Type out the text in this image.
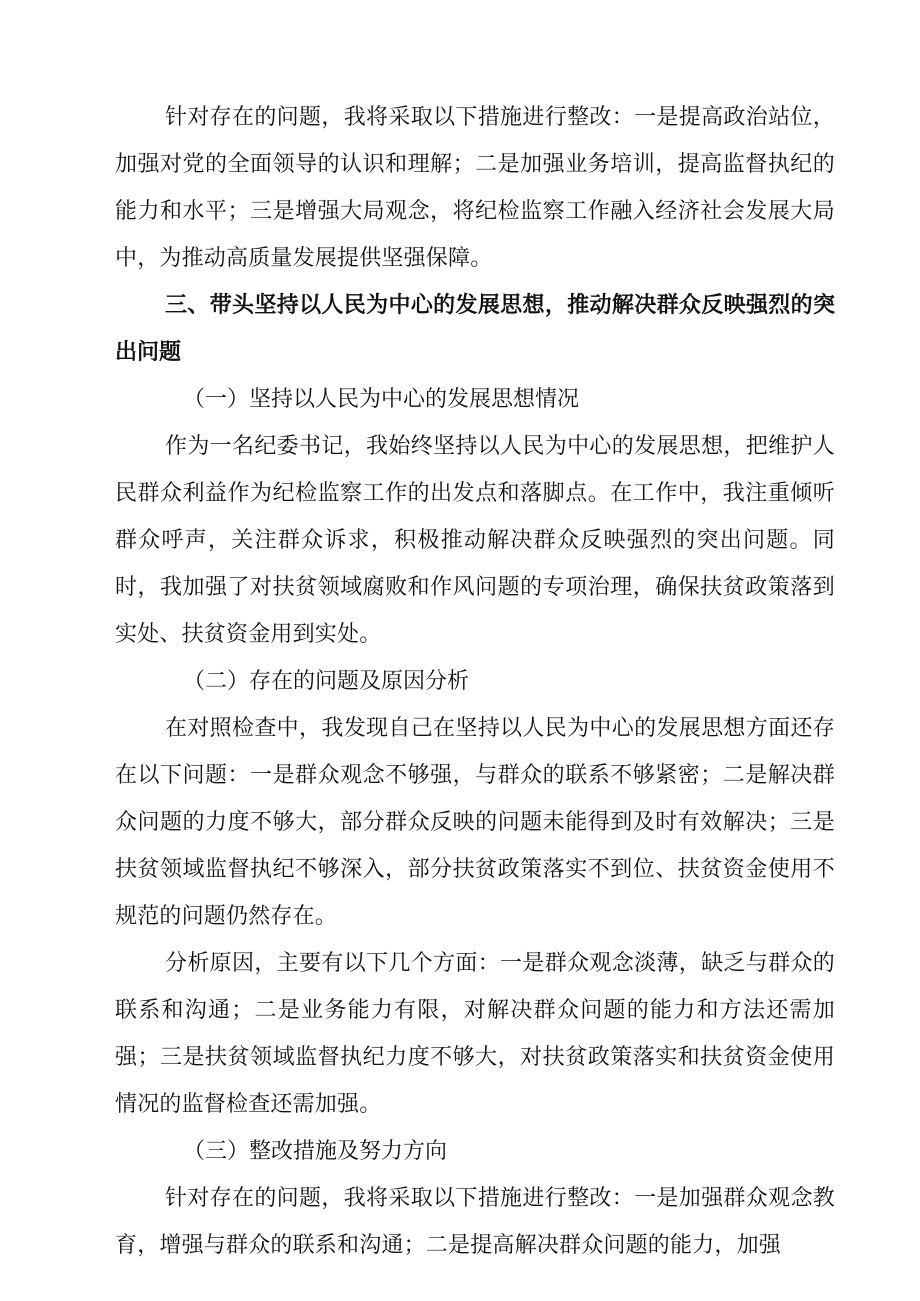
针对存在的问题，我将采取以下措施进行整改：一是提高政治站位，加强对党的全面领导的认识和理解；二是加强业务培训，提高监督执纪的能力和水平；三是增强大局观念，将纪检监察工作融入经济社会发展大局中，为推动高质量发展提供坚强保障。

三、带头坚持以人民为中心的发展思想，推动解决群众反映强烈的突出问题

（一）坚持以人民为中心的发展思想情况

作为一名纪委书记，我始终坚持以人民为中心的发展思想，把维护人民群众利益作为纪检监察工作的出发点和落脚点。在工作中，我注重倾听群众呼声，关注群众诉求，积极推动解决群众反映强烈的突出问题。同时，我加强了对扶贫领域腐败和作风问题的专项治理，确保扶贫政策落到实处、扶贫资金用到实处。

（二）存在的问题及原因分析

在对照检查中，我发现自己在坚持以人民为中心的发展思想方面还存在以下问题：一是群众观念不够强，与群众的联系不够紧密；二是解决群众问题的力度不够大，部分群众反映的问题未能得到及时有效解决；三是扶贫领域监督执纪不够深入，部分扶贫政策落实不到位、扶贫资金使用不规范的问题仍然存在。

分析原因，主要有以下几个方面：一是群众观念淡薄，缺乏与群众的联系和沟通；二是业务能力有限，对解决群众问题的能力和方法还需加强；三是扶贫领域监督执纪力度不够大，对扶贫政策落实和扶贫资金使用情况的监督检查还需加强。

（三）整改措施及努力方向

针对存在的问题，我将采取以下措施进行整改：一是加强群众观念教育，增强与群众的联系和沟通；二是提高解决群众问题的能力，加强
